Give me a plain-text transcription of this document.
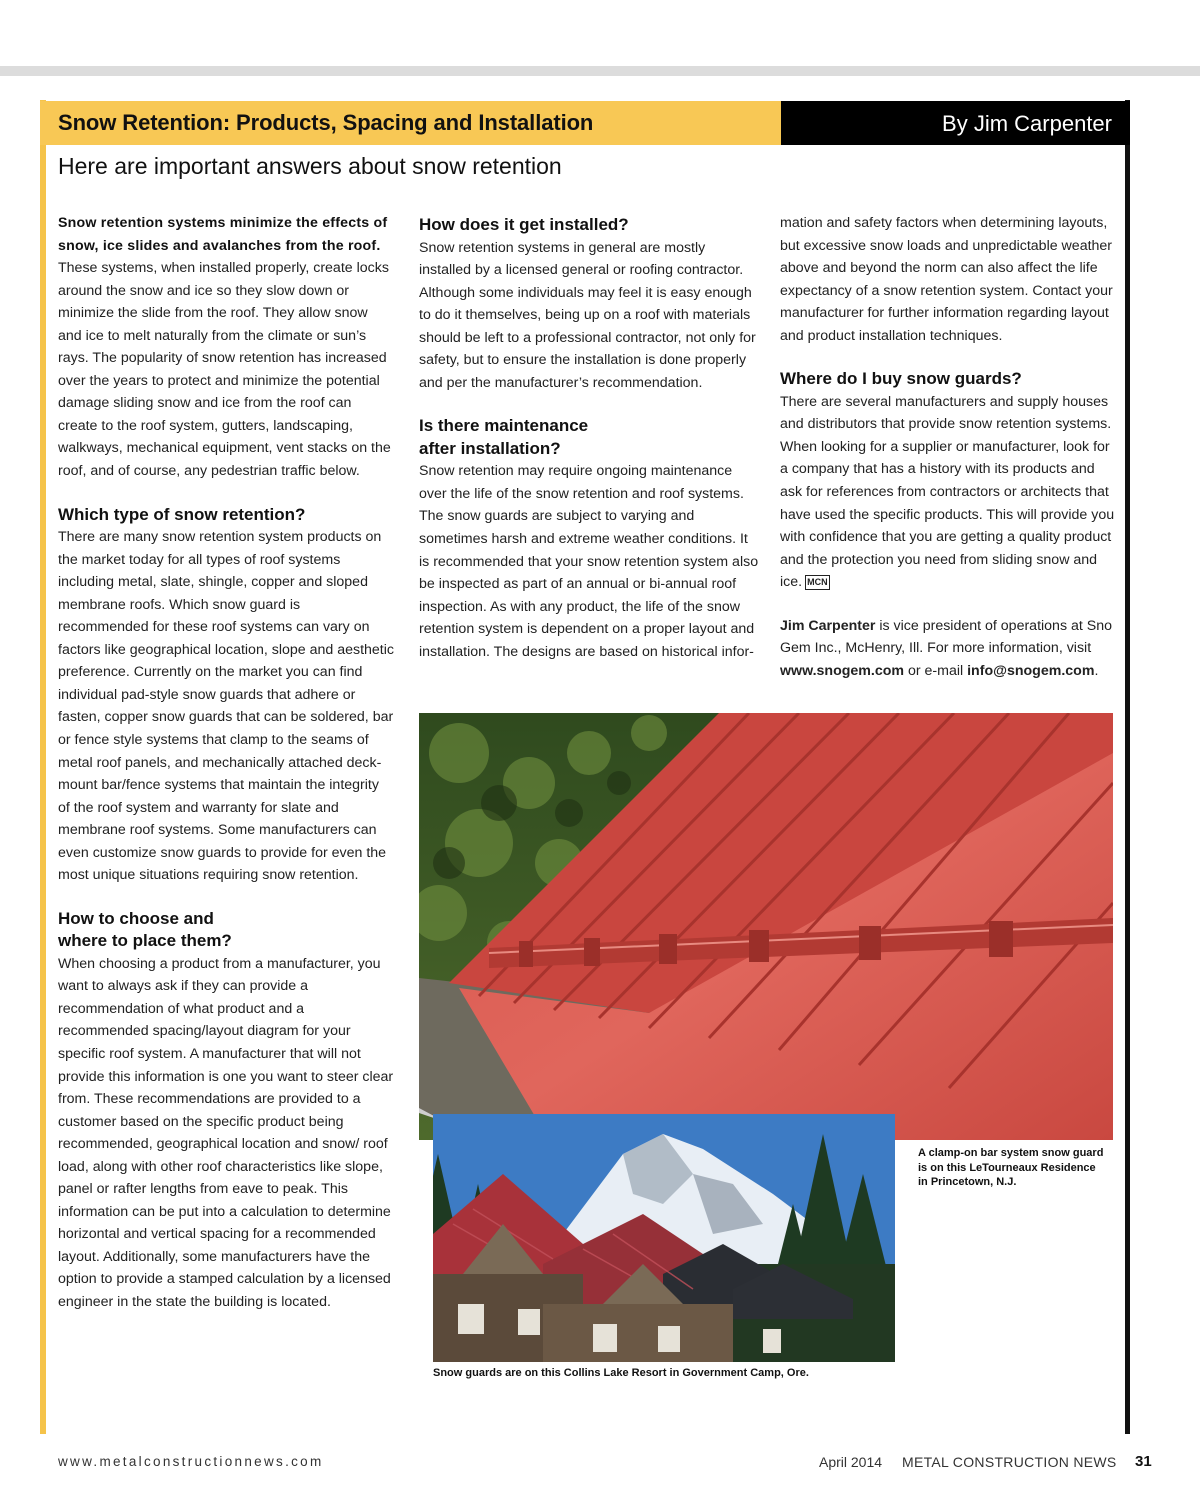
Snow Retention: Products, Spacing and Installation	By Jim Carpenter
Here are important answers about snow retention

Snow retention systems minimize the effects of snow, ice slides and avalanches from the roof. These systems, when installed properly, create locks around the snow and ice so they slow down or minimize the slide from the roof. They allow snow and ice to melt naturally from the climate or sun’s rays. The popularity of snow retention has increased over the years to protect and minimize the potential damage sliding snow and ice from the roof can create to the roof system, gutters, landscaping, walkways, mechanical equipment, vent stacks on the roof, and of course, any pedestrian traffic below.

Which type of snow retention?

There are many snow retention system products on the market today for all types of roof systems including metal, slate, shingle, copper and sloped membrane roofs. Which snow guard is recommended for these roof systems can vary on factors like geographical location, slope and aesthetic preference. Currently on the market you can find individual pad-style snow guards that adhere or fasten, copper snow guards that can be soldered, bar or fence style systems that clamp to the seams of metal roof panels, and mechanically attached deck-mount bar/fence systems that maintain the integrity of the roof system and warranty for slate and membrane roof systems. Some manufacturers can even customize snow guards to provide for even the most unique situations requiring snow retention.

How to choose and
where to place them?

When choosing a product from a manufacturer, you want to always ask if they can provide a recommendation of what product and a recommended spacing/layout diagram for your specific roof system. A manufacturer that will not provide this information is one you want to steer clear from. These recommendations are provided to a customer based on the specific product being recommended, geographical location and snow/ roof load, along with other roof characteristics like slope, panel or rafter lengths from eave to peak. This information can be put into a calculation to determine horizontal and vertical spacing for a recommended layout. Additionally, some manufacturers have the option to provide a stamped calculation by a licensed engineer in the state the building is located.

How does it get installed?

Snow retention systems in general are mostly installed by a licensed general or roofing contractor. Although some individuals may feel it is easy enough to do it themselves, being up on a roof with materials should be left to a professional contractor, not only for safety, but to ensure the installation is done properly and per the manufacturer’s recommendation.

Is there maintenance
after installation?

Snow retention may require ongoing maintenance over the life of the snow retention and roof systems. The snow guards are subject to varying and sometimes harsh and extreme weather conditions. It is recommended that your snow retention system also be inspected as part of an annual or bi-annual roof inspection. As with any product, the life of the snow retention system is dependent on a proper layout and installation. The designs are based on historical infor-

mation and safety factors when determining layouts, but excessive snow loads and unpredictable weather above and beyond the norm can also affect the life expectancy of a snow retention system. Contact your manufacturer for further information regarding layout and product installation techniques.

Where do I buy snow guards?

There are several manufacturers and supply houses and distributors that provide snow retention systems. When looking for a supplier or manufacturer, look for a company that has a history with its products and ask for references from contractors or architects that have used the specific products. This will provide you with confidence that you are getting a quality product and the protection you need from sliding snow and ice. MCN

Jim Carpenter is vice president of operations at Sno Gem Inc., McHenry, Ill. For more information, visit www.snogem.com or e-mail info@snogem.com.

A clamp-on bar system snow guard is on this LeTourneaux Residence in Princetown, N.J.
Snow guards are on this Collins Lake Resort in Government Camp, Ore.
www.metalconstructionnews.com	April 2014 METAL CONSTRUCTION NEWS 31
